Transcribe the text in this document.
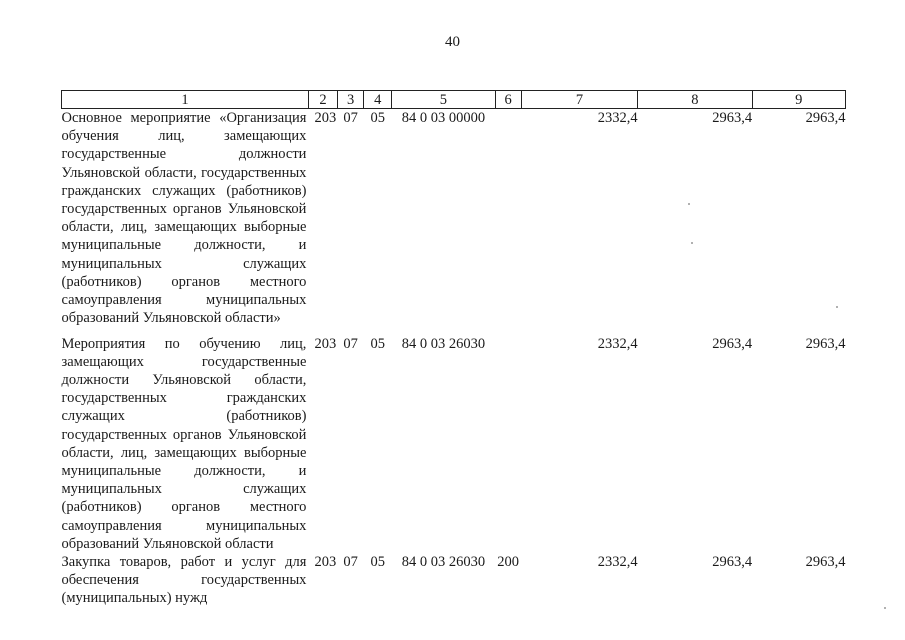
40
1	2	3	4	5	6	7	8	9
Основное мероприятие «Организация обучения лиц, замещающих государственные должности Ульяновской области, государственных гражданских служащих (работников) государственных органов Ульяновской области, лиц, замещающих выборные муниципальные должности, и муниципальных служащих (работников) органов местного самоуправления муниципальных образований Ульяновской области»	203	07	05	84 0 03 00000		2332,4	2963,4	2963,4
Мероприятия по обучению лиц, замещающих государственные должности Ульяновской области, государственных гражданских служащих (работников) государственных органов Ульяновской области, лиц, замещающих выборные муниципальные должности, и муниципальных служащих (работников) органов местного самоуправления муниципальных образований Ульяновской области	203	07	05	84 0 03 26030		2332,4	2963,4	2963,4
Закупка товаров, работ и услуг для обеспечения государственных (муниципальных) нужд	203	07	05	84 0 03 26030	200	2332,4	2963,4	2963,4
